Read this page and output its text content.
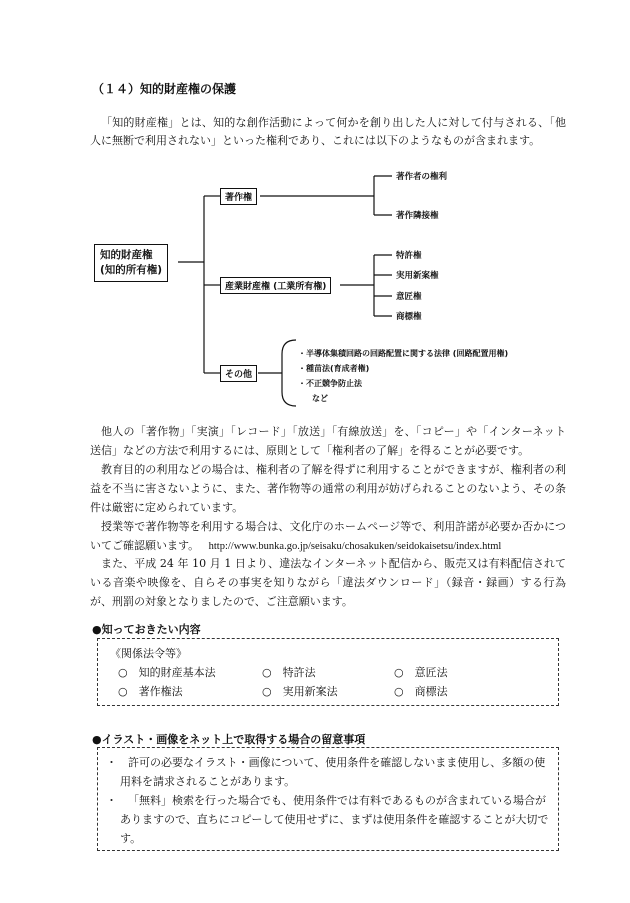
（１４）知的財産権の保護
「知的財産権」とは、知的な創作活動によって何かを創り出した人に対して付与される、「他人に無断で利用されない」といった権利であり、これには以下のようなものが含まれます。
知的財産権
(知的所有権)
著作権
著作者の権利
著作隣接権
産業財産権 (工業所有権)
特許権
実用新案権
意匠権
商標権
その他
・半導体集積回路の回路配置に関する法律 (回路配置用権)
・種苗法(育成者権)
・不正競争防止法
など
他人の「著作物」「実演」「レコード」「放送」「有線放送」を、「コピー」や「インターネット送信」などの方法で利用するには、原則として「権利者の了解」を得ることが必要です。
教育目的の利用などの場合は、権利者の了解を得ずに利用することができますが、権利者の利益を不当に害さないように、また、著作物等の通常の利用が妨げられることのないよう、その条件は厳密に定められています。
授業等で著作物等を利用する場合は、文化庁のホームページ等で、利用許諾が必要か否かについてご確認願います。 http://www.bunka.go.jp/seisaku/chosakuken/seidokaisetsu/index.html
また、平成 24 年 10 月 1 日より、違法なインターネット配信から、販売又は有料配信されている音楽や映像を、自らその事実を知りながら「違法ダウンロード」（録音・録画）する行為が、刑罰の対象となりましたので、ご注意願います。
●知っておきたい内容
《関係法令等》
○　知的財産基本法	○　特許法	○　意匠法
○　著作権法	○　実用新案法	○　商標法
●イラスト・画像をネット上で取得する場合の留意事項
・	許可の必要なイラスト・画像について、使用条件を確認しないまま使用し、多額の使用料を請求されることがあります。
・	「無料」検索を行った場合でも、使用条件では有料であるものが含まれている場合がありますので、直ちにコピーして使用せずに、まずは使用条件を確認することが大切です。
